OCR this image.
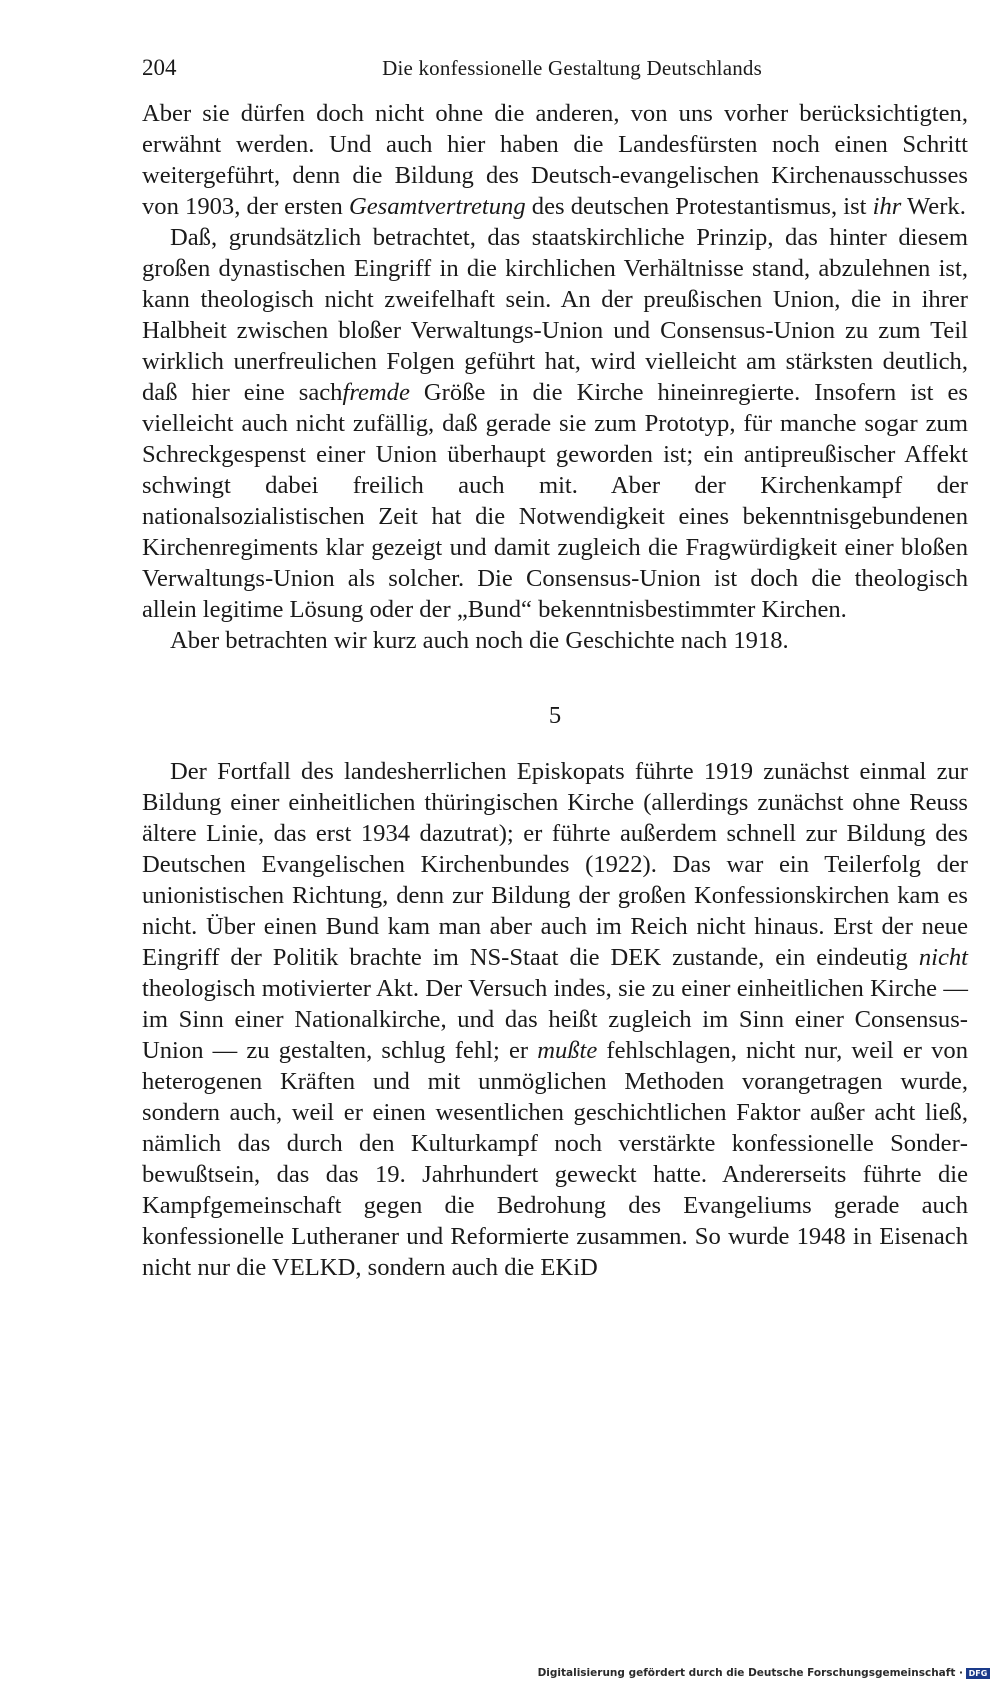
204	Die konfessionelle Gestaltung Deutschlands

Aber sie dürfen doch nicht ohne die anderen, von uns vorher berücksichtigten, erwähnt werden. Und auch hier haben die Landesfürsten noch einen Schritt weitergeführt, denn die Bildung des Deutsch-evangelischen Kirchenausschusses von 1903, der ersten Gesamtvertretung des deutschen Protestantismus, ist ihr Werk.

Daß, grundsätzlich betrachtet, das staatskirchliche Prinzip, das hinter diesem großen dynastischen Eingriff in die kirchlichen Verhältnisse stand, abzulehnen ist, kann theologisch nicht zweifelhaft sein. An der preußischen Union, die in ihrer Halbheit zwischen bloßer Verwaltungs-Union und Consensus-Union zu zum Teil wirklich unerfreulichen Folgen geführt hat, wird vielleicht am stärksten deutlich, daß hier eine sachfremde Größe in die Kirche hineinregierte. Insofern ist es vielleicht auch nicht zufällig, daß gerade sie zum Prototyp, für manche sogar zum Schreckgespenst einer Union überhaupt geworden ist; ein antipreußischer Affekt schwingt dabei freilich auch mit. Aber der Kirchenkampf der nationalsozialistischen Zeit hat die Notwendigkeit eines bekenntnisgebundenen Kirchenregiments klar gezeigt und damit zugleich die Fragwürdigkeit einer bloßen Verwaltungs-Union als solcher. Die Consensus-Union ist doch die theologisch allein legitime Lösung oder der „Bund“ bekenntnisbestimmter Kirchen.

Aber betrachten wir kurz auch noch die Geschichte nach 1918.

5

Der Fortfall des landesherrlichen Episkopats führte 1919 zunächst einmal zur Bildung einer einheitlichen thüringischen Kirche (allerdings zunächst ohne Reuss ältere Linie, das erst 1934 dazutrat); er führte außerdem schnell zur Bildung des Deutschen Evangelischen Kirchenbundes (1922). Das war ein Teilerfolg der unionistischen Richtung, denn zur Bildung der großen Konfessionskirchen kam es nicht. Über einen Bund kam man aber auch im Reich nicht hinaus. Erst der neue Eingriff der Politik brachte im NS-Staat die DEK zustande, ein eindeutig nicht theologisch motivierter Akt. Der Versuch indes, sie zu einer einheitlichen Kirche — im Sinn einer Nationalkirche, und das heißt zugleich im Sinn einer Consensus-Union — zu gestalten, schlug fehl; er mußte fehlschlagen, nicht nur, weil er von heterogenen Kräften und mit unmöglichen Methoden vorangetragen wurde, sondern auch, weil er einen wesentlichen geschichtlichen Faktor außer acht ließ, nämlich das durch den Kulturkampf noch verstärkte konfessionelle Sonderbewußtsein, das das 19. Jahrhundert geweckt hatte. Andererseits führte die Kampfgemeinschaft gegen die Bedrohung des Evangeliums gerade auch konfessionelle Lutheraner und Reformierte zusammen. So wurde 1948 in Eisenach nicht nur die VELKD, sondern auch die EKiD

Digitalisierung gefördert durch die Deutsche Forschungsgemeinschaft · DFG
